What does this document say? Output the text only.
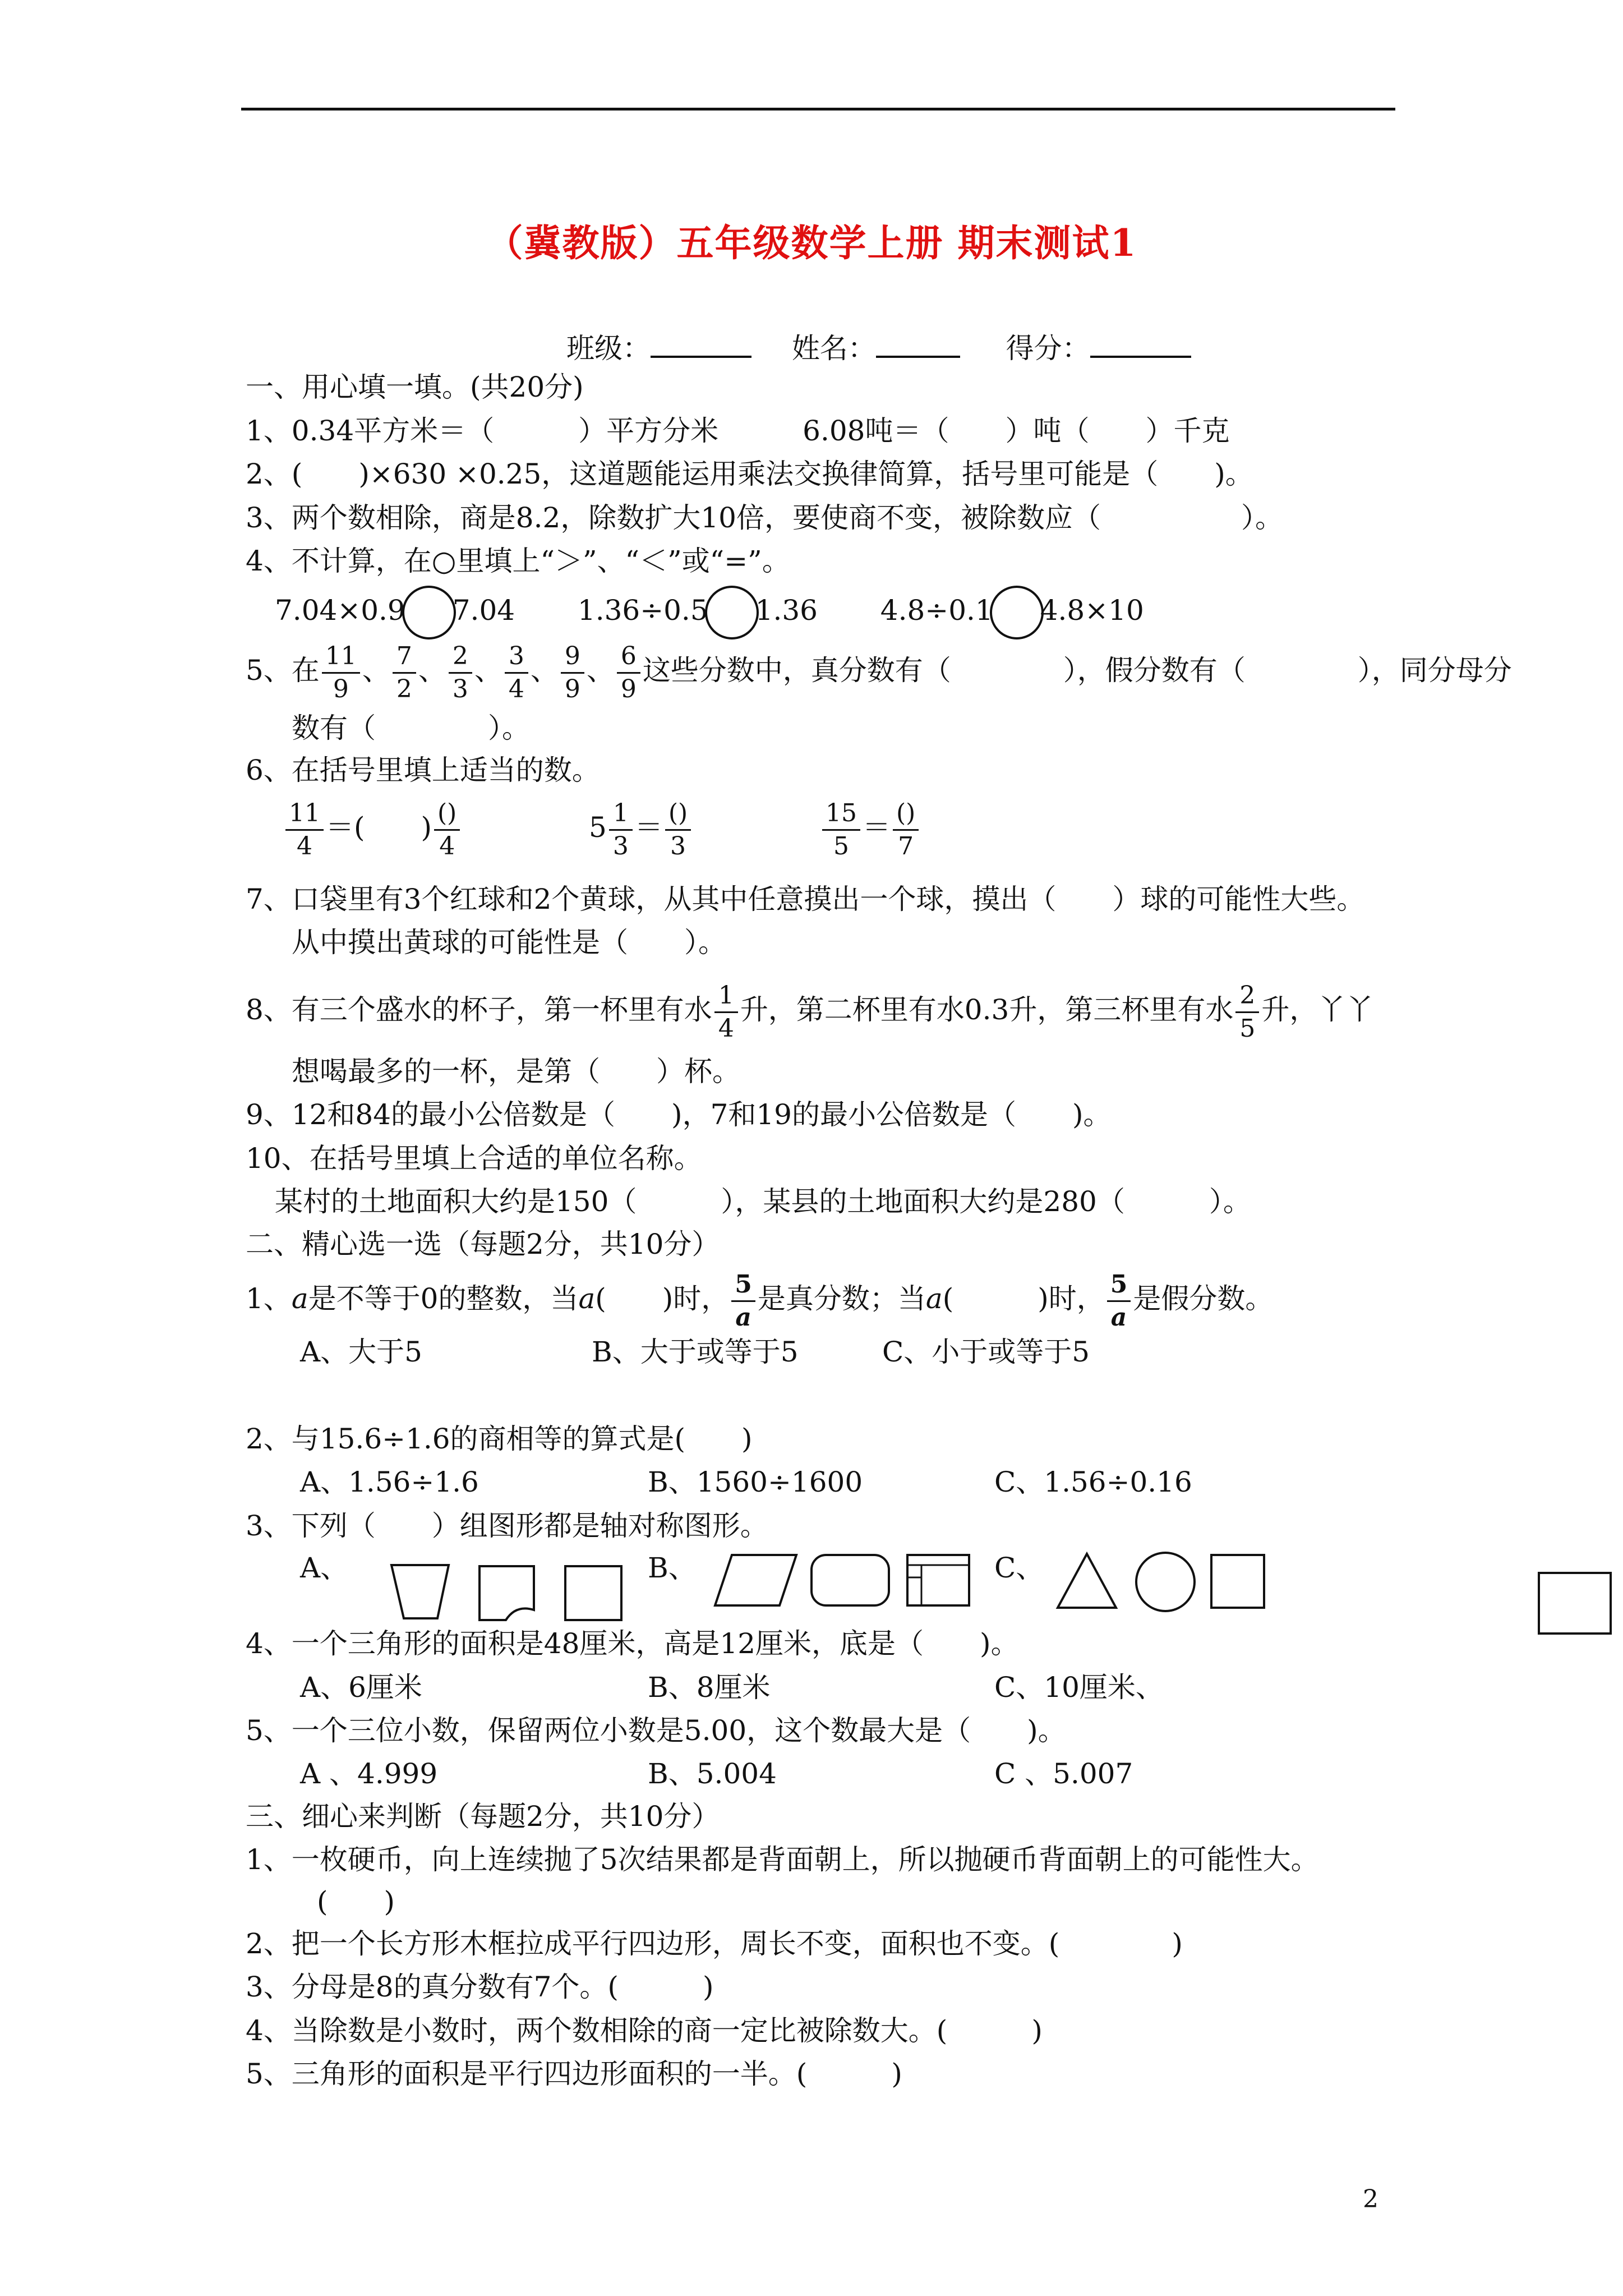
（冀教版）五年级数学上册 期末测试1
班级：	姓名：	得分：
一、用心填一填。(共20分)
1、0.34平方米＝（　　　）平方分米　　　6.08吨＝（　　）吨（　　）千克
2、(　　)×630 ×0.25，这道题能运用乘法交换律简算，括号里可能是（　　)。
3、两个数相除，商是8.2，除数扩大10倍，要使商不变，被除数应（　　　　　）。
4、不计算，在○里填上“＞”、“＜”或“=”。
7.04×0.9 7.04 1.36÷0.5 1.36 4.8÷0.1 4.8×10
5、在 $\frac{11}{9}$ 、 $\frac{7}{2}$ 、 $\frac{2}{3}$ 、 $\frac{3}{4}$ 、 $\frac{9}{9}$ 、 $\frac{6}{9}$ 这些分数中，真分数有（　　　　），假分数有（　　　　），同分母分
数有（　　　　）。
6、在括号里填上适当的数。
$\frac{11}{4}$ ＝(　　) $\frac{()}{4}$	$5 \frac{1}{3} = \frac{()}{3}$	$\frac{15}{5} = \frac{()}{7}$
7、口袋里有3个红球和2个黄球，从其中任意摸出一个球，摸出（　　）球的可能性大些。
从中摸出黄球的可能性是（　　）。
8、有三个盛水的杯子，第一杯里有水 $\frac{1}{4}$ 升，第二杯里有水0.3升，第三杯里有水 $\frac{2}{5}$ 升，丫丫
想喝最多的一杯，是第（　　）杯。
9、12和84的最小公倍数是（　　)，7和19的最小公倍数是（　　)。
10、在括号里填上合适的单位名称。
某村的土地面积大约是150（　　　），某县的土地面积大约是280（　　　）。
二、精心选一选（每题2分，共10分）
1、a是不等于0的整数，当a(　　)时， $\frac{5}{a}$ 是真分数；当a(　　　)时， $\frac{5}{a}$ 是假分数。
A、大于5	B、大于或等于5	C、小于或等于5
2、与15.6÷1.6的商相等的算式是(　　)
A、1.56÷1.6	B、1560÷1600	C、1.56÷0.16
3、下列（　　）组图形都是轴对称图形。
A、	B、	C、
4、一个三角形的面积是48厘米，高是12厘米，底是（　　)。
A、6厘米	B、8厘米	C、10厘米、
5、一个三位小数，保留两位小数是5.00，这个数最大是（　　)。
A 、4.999	B、5.004	C 、5.007
三、细心来判断（每题2分，共10分）
1、一枚硬币，向上连续抛了5次结果都是背面朝上，所以抛硬币背面朝上的可能性大。
(　　)
2、把一个长方形木框拉成平行四边形，周长不变，面积也不变。(　　　　)
3、分母是8的真分数有7个。(　　　)
4、当除数是小数时，两个数相除的商一定比被除数大。(　　　)
5、三角形的面积是平行四边形面积的一半。(　　　)
2
